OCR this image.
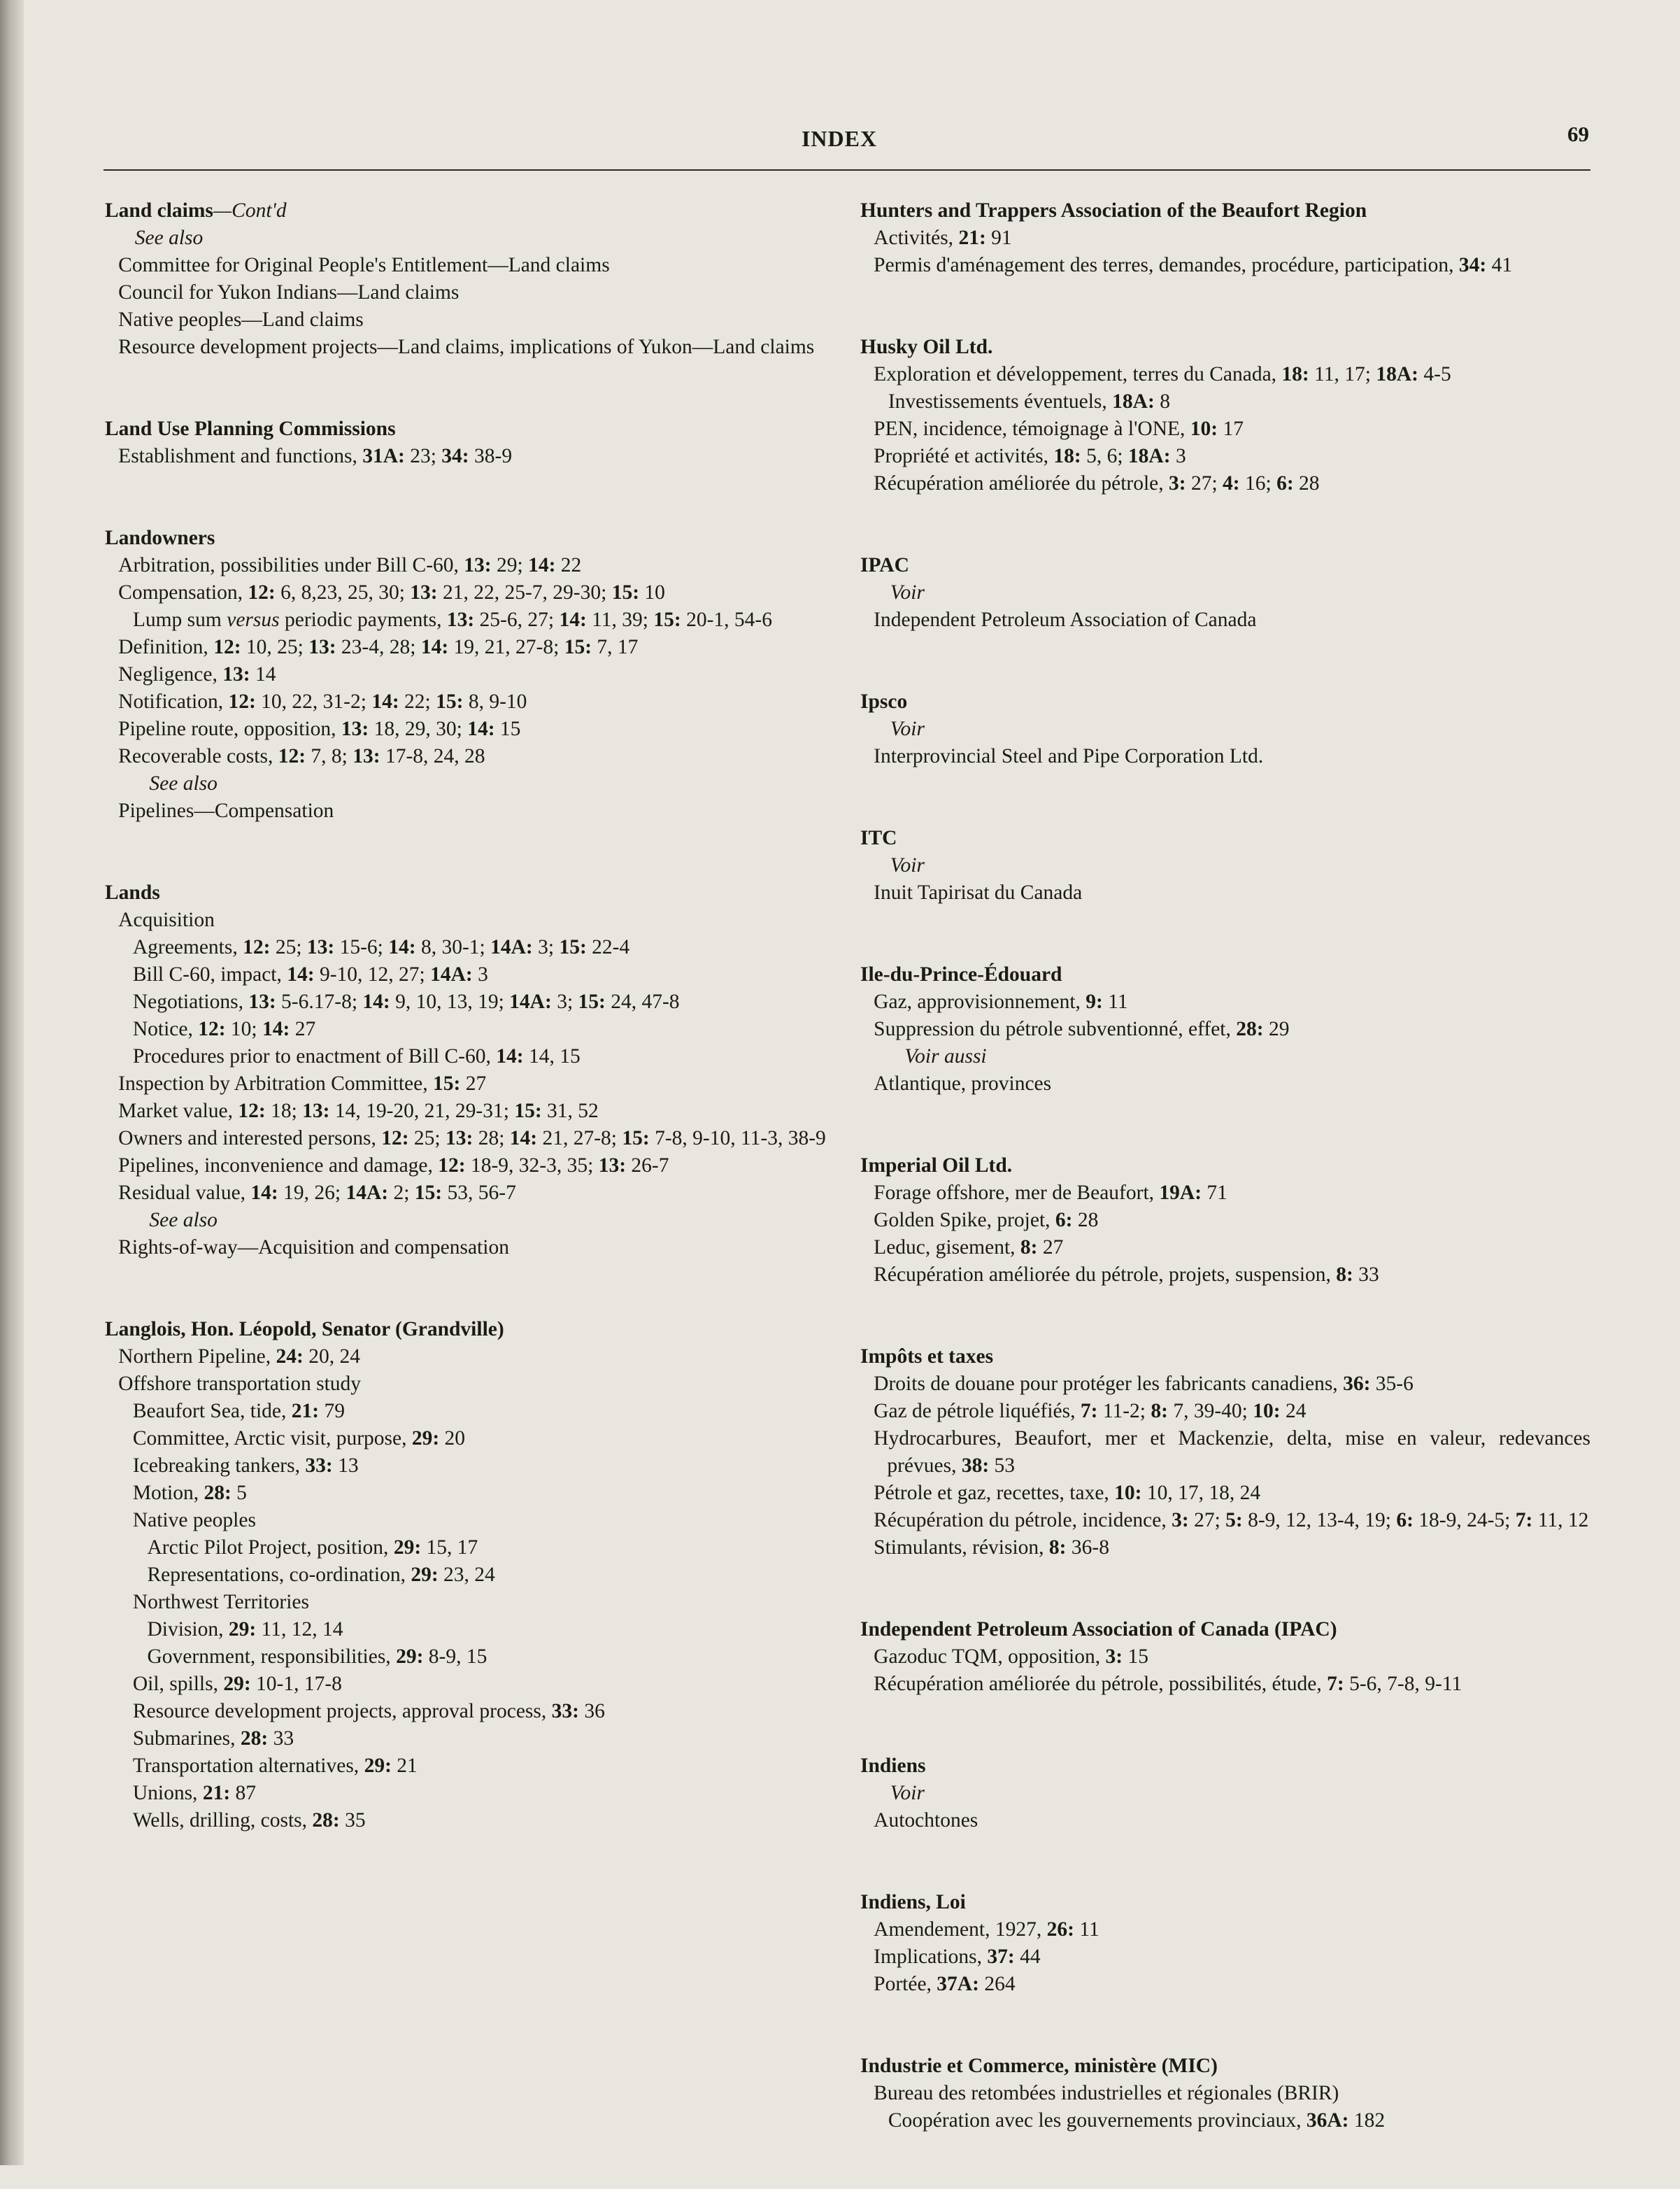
INDEX	69
Land claims—Cont'd
See also
Committee for Original People's Entitlement—Land claims
Council for Yukon Indians—Land claims
Native peoples—Land claims
Resource development projects—Land claims, implications of Yukon—Land claims
Land Use Planning Commissions
Establishment and functions, 31A: 23; 34: 38-9
Landowners
Arbitration, possibilities under Bill C-60, 13: 29; 14: 22
Compensation, 12: 6, 8,23, 25, 30; 13: 21, 22, 25-7, 29-30; 15: 10
Lump sum versus periodic payments, 13: 25-6, 27; 14: 11, 39; 15: 20-1, 54-6
Definition, 12: 10, 25; 13: 23-4, 28; 14: 19, 21, 27-8; 15: 7, 17
Negligence, 13: 14
Notification, 12: 10, 22, 31-2; 14: 22; 15: 8, 9-10
Pipeline route, opposition, 13: 18, 29, 30; 14: 15
Recoverable costs, 12: 7, 8; 13: 17-8, 24, 28
See also
Pipelines—Compensation
Lands
Acquisition
Agreements, 12: 25; 13: 15-6; 14: 8, 30-1; 14A: 3; 15: 22-4
Bill C-60, impact, 14: 9-10, 12, 27; 14A: 3
Negotiations, 13: 5-6.17-8; 14: 9, 10, 13, 19; 14A: 3; 15: 24, 47-8
Notice, 12: 10; 14: 27
Procedures prior to enactment of Bill C-60, 14: 14, 15
Inspection by Arbitration Committee, 15: 27
Market value, 12: 18; 13: 14, 19-20, 21, 29-31; 15: 31, 52
Owners and interested persons, 12: 25; 13: 28; 14: 21, 27-8; 15: 7-8, 9-10, 11-3, 38-9
Pipelines, inconvenience and damage, 12: 18-9, 32-3, 35; 13: 26-7
Residual value, 14: 19, 26; 14A: 2; 15: 53, 56-7
See also
Rights-of-way—Acquisition and compensation
Langlois, Hon. Léopold, Senator (Grandville)
Northern Pipeline, 24: 20, 24
Offshore transportation study
Beaufort Sea, tide, 21: 79
Committee, Arctic visit, purpose, 29: 20
Icebreaking tankers, 33: 13
Motion, 28: 5
Native peoples
Arctic Pilot Project, position, 29: 15, 17
Representations, co-ordination, 29: 23, 24
Northwest Territories
Division, 29: 11, 12, 14
Government, responsibilities, 29: 8-9, 15
Oil, spills, 29: 10-1, 17-8
Resource development projects, approval process, 33: 36
Submarines, 28: 33
Transportation alternatives, 29: 21
Unions, 21: 87
Wells, drilling, costs, 28: 35
Hunters and Trappers Association of the Beaufort Region
Activités, 21: 91
Permis d'aménagement des terres, demandes, procédure, participation, 34: 41
Husky Oil Ltd.
Exploration et développement, terres du Canada, 18: 11, 17; 18A: 4-5
Investissements éventuels, 18A: 8
PEN, incidence, témoignage à l'ONE, 10: 17
Propriété et activités, 18: 5, 6; 18A: 3
Récupération améliorée du pétrole, 3: 27; 4: 16; 6: 28
IPAC
Voir
Independent Petroleum Association of Canada
Ipsco
Voir
Interprovincial Steel and Pipe Corporation Ltd.
ITC
Voir
Inuit Tapirisat du Canada
Ile-du-Prince-Édouard
Gaz, approvisionnement, 9: 11
Suppression du pétrole subventionné, effet, 28: 29
Voir aussi
Atlantique, provinces
Imperial Oil Ltd.
Forage offshore, mer de Beaufort, 19A: 71
Golden Spike, projet, 6: 28
Leduc, gisement, 8: 27
Récupération améliorée du pétrole, projets, suspension, 8: 33
Impôts et taxes
Droits de douane pour protéger les fabricants canadiens, 36: 35-6
Gaz de pétrole liquéfiés, 7: 11-2; 8: 7, 39-40; 10: 24
Hydrocarbures, Beaufort, mer et Mackenzie, delta, mise en valeur, redevances prévues, 38: 53
Pétrole et gaz, recettes, taxe, 10: 10, 17, 18, 24
Récupération du pétrole, incidence, 3: 27; 5: 8-9, 12, 13-4, 19; 6: 18-9, 24-5; 7: 11, 12
Stimulants, révision, 8: 36-8
Independent Petroleum Association of Canada (IPAC)
Gazoduc TQM, opposition, 3: 15
Récupération améliorée du pétrole, possibilités, étude, 7: 5-6, 7-8, 9-11
Indiens
Voir
Autochtones
Indiens, Loi
Amendement, 1927, 26: 11
Implications, 37: 44
Portée, 37A: 264
Industrie et Commerce, ministère (MIC)
Bureau des retombées industrielles et régionales (BRIR)
Coopération avec les gouvernements provinciaux, 36A: 182
